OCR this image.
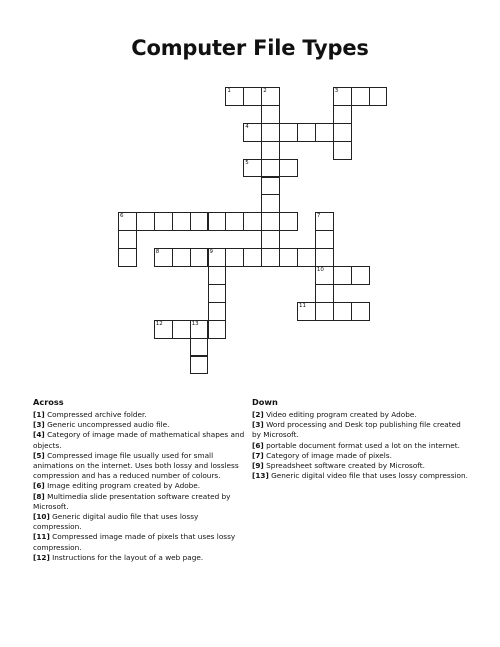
Computer File Types
1	2	3
4
5
6
8	9
10
11
12	13
7
Across
[1] Compressed archive folder.
[3] Generic uncompressed audio file.
[4] Category of image made of mathematical shapes and objects.
[5] Compressed image file usually used for small animations on the internet. Uses both lossy and lossless compression and has a reduced number of colours.
[6] Image editing program created by Adobe.
[8] Multimedia slide presentation software created by Microsoft.
[10] Generic digital audio file that uses lossy compression.
[11] Compressed image made of pixels that uses lossy compression.
[12] Instructions for the layout of a web page.
Down
[2] Video editing program created by Adobe.
[3] Word processing and Desk top publishing file created by Microsoft.
[6] portable document format used a lot on the internet.
[7] Category of image made of pixels.
[9] Spreadsheet software created by Microsoft.
[13] Generic digital video file that uses lossy compression.
